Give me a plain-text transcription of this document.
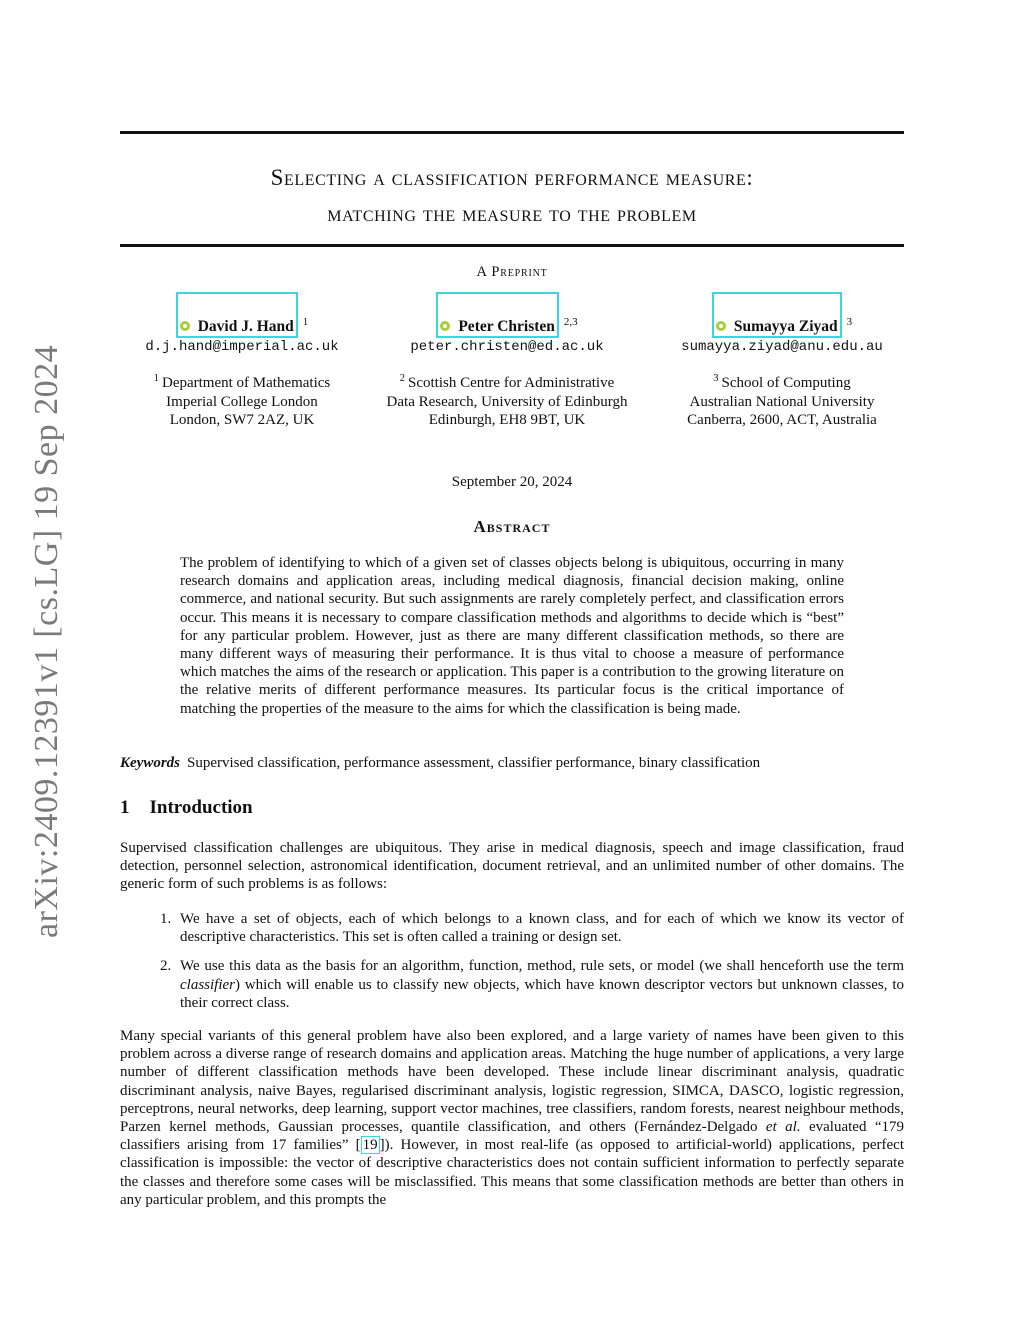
arXiv:2409.12391v1 [cs.LG] 19 Sep 2024
Selecting a classification performance measure:
matching the measure to the problem
A Preprint
David J. Hand $^1$
d.j.hand@imperial.ac.uk
Peter Christen $^{2,3}$
peter.christen@ed.ac.uk
Sumayya Ziyad $^3$
sumayya.ziyad@anu.edu.au
$^1$ Department of Mathematics
Imperial College London
London, SW7 2AZ, UK
$^2$ Scottish Centre for Administrative
Data Research, University of Edinburgh
Edinburgh, EH8 9BT, UK
$^3$ School of Computing
Australian National University
Canberra, 2600, ACT, Australia
September 20, 2024
Abstract
The problem of identifying to which of a given set of classes objects belong is ubiquitous, occurring in many research domains and application areas, including medical diagnosis, financial decision making, online commerce, and national security. But such assignments are rarely completely perfect, and classification errors occur. This means it is necessary to compare classification methods and algorithms to decide which is “best” for any particular problem. However, just as there are many different classification methods, so there are many different ways of measuring their performance. It is thus vital to choose a measure of performance which matches the aims of the research or application. This paper is a contribution to the growing literature on the relative merits of different performance measures. Its particular focus is the critical importance of matching the properties of the measure to the aims for which the classification is being made.
Keywords Supervised classification, performance assessment, classifier performance, binary classification
1 Introduction
Supervised classification challenges are ubiquitous. They arise in medical diagnosis, speech and image classification, fraud detection, personnel selection, astronomical identification, document retrieval, and an unlimited number of other domains. The generic form of such problems is as follows:
1. We have a set of objects, each of which belongs to a known class, and for each of which we know its vector of descriptive characteristics. This set is often called a training or design set.
2. We use this data as the basis for an algorithm, function, method, rule sets, or model (we shall henceforth use the term classifier) which will enable us to classify new objects, which have known descriptor vectors but unknown classes, to their correct class.
Many special variants of this general problem have also been explored, and a large variety of names have been given to this problem across a diverse range of research domains and application areas. Matching the huge number of applications, a very large number of different classification methods have been developed. These include linear discriminant analysis, quadratic discriminant analysis, naive Bayes, regularised discriminant analysis, logistic regression, SIMCA, DASCO, logistic regression, perceptrons, neural networks, deep learning, support vector machines, tree classifiers, random forests, nearest neighbour methods, Parzen kernel methods, Gaussian processes, quantile classification, and others (Fernández-Delgado et al. evaluated “179 classifiers arising from 17 families” [ 19 ]). However, in most real-life (as opposed to artificial-world) applications, perfect classification is impossible: the vector of descriptive characteristics does not contain sufficient information to perfectly separate the classes and therefore some cases will be misclassified. This means that some classification methods are better than others in any particular problem, and this prompts the
